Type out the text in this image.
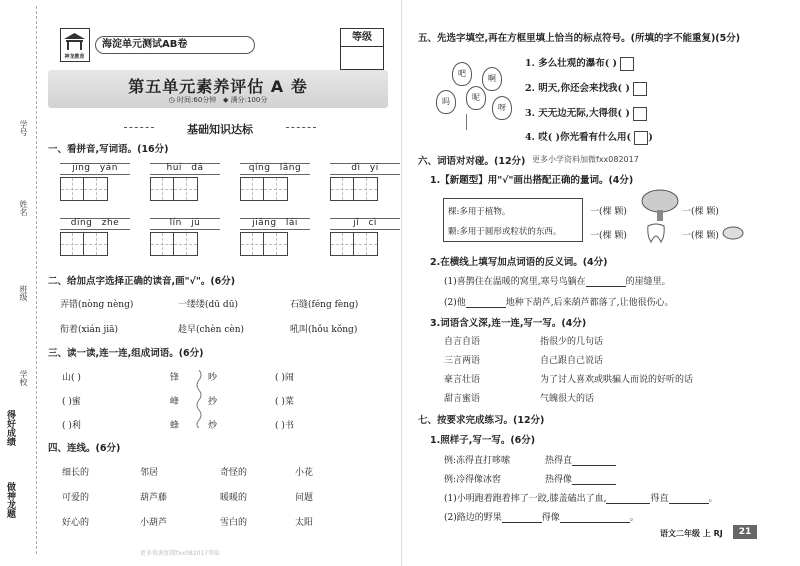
学号
姓名
班级
学校
得好成绩
做神龙题
神龙教育
海淀单元测试AB卷
等级
第五单元素养评估 A 卷
◷ 时间:60分钟 ◆ 满分:100分
基础知识达标
一、看拼音,写词语。(16分)
jīng yán	huí dá	qíng lǎng	dì yī
dīng zhe	lín jū	jiǎng lái	jǐ cì
二、给加点字选择正确的读音,画"√"。(6分)
弄错(nòng nèng)	一缕缕(dū dū)	石缝(féng fèng)
衔着(xián jiā)	趁早(chèn cèn)	吼叫(hǒu kǒng)
三、读一读,连一连,组成词语。(6分)
山( )
( )蜜
( )利
锋
峰
蜂
吵
抄
炒
( )闹
( )菜
( )书
四、连线。(6分)
细长的	邻居	奇怪的	小花
可爱的	葫芦藤	暖暖的	问题
好心的	小葫芦	雪白的	太阳
五、先选字填空,再在方框里填上恰当的标点符号。(所填的字不能重复)(5分)
吧
啊
吗	呢
呀
1. 多么壮观的瀑布( )
2. 明天,你还会来找我( )
3. 天无边无际,大得很( )
4. 哎( )你光看有什么用( )
六、词语对对碰。(12分) 更多小学资料加微fxx082017
1.【新题型】用"√"画出搭配正确的量词。(4分)
棵:多用于植物。
颗:多用于圆形或粒状的东西。
一(棵 颗)	一(棵 颗)
一(棵 颗)	一(棵 颗)
2.在横线上填写加点词语的反义词。(4分)
(1)喜鹊住在温暖的窝里,寒号鸟躺在	的崖缝里。
(2)他	地种下葫芦,后来葫芦都落了,让他很伤心。
3.词语含义深,连一连,写一写。(4分)
自言自语
三言两语
豪言壮语
甜言蜜语
指很少的几句话
自己跟自己说话
为了讨人喜欢或哄骗人而说的好听的话
气魄很大的话
七、按要求完成练习。(12分)
1.照样子,写一写。(6分)
例:冻得直打哆嗦	热得直
例:冷得像冰窖	热得像
(1)小明跑着跑着摔了一跤,膝盖磕出了血,	得直	。
(2)路边的野果	得像	。
语文二年级 上 RJ	21
更多资源加微fxx082017领取
